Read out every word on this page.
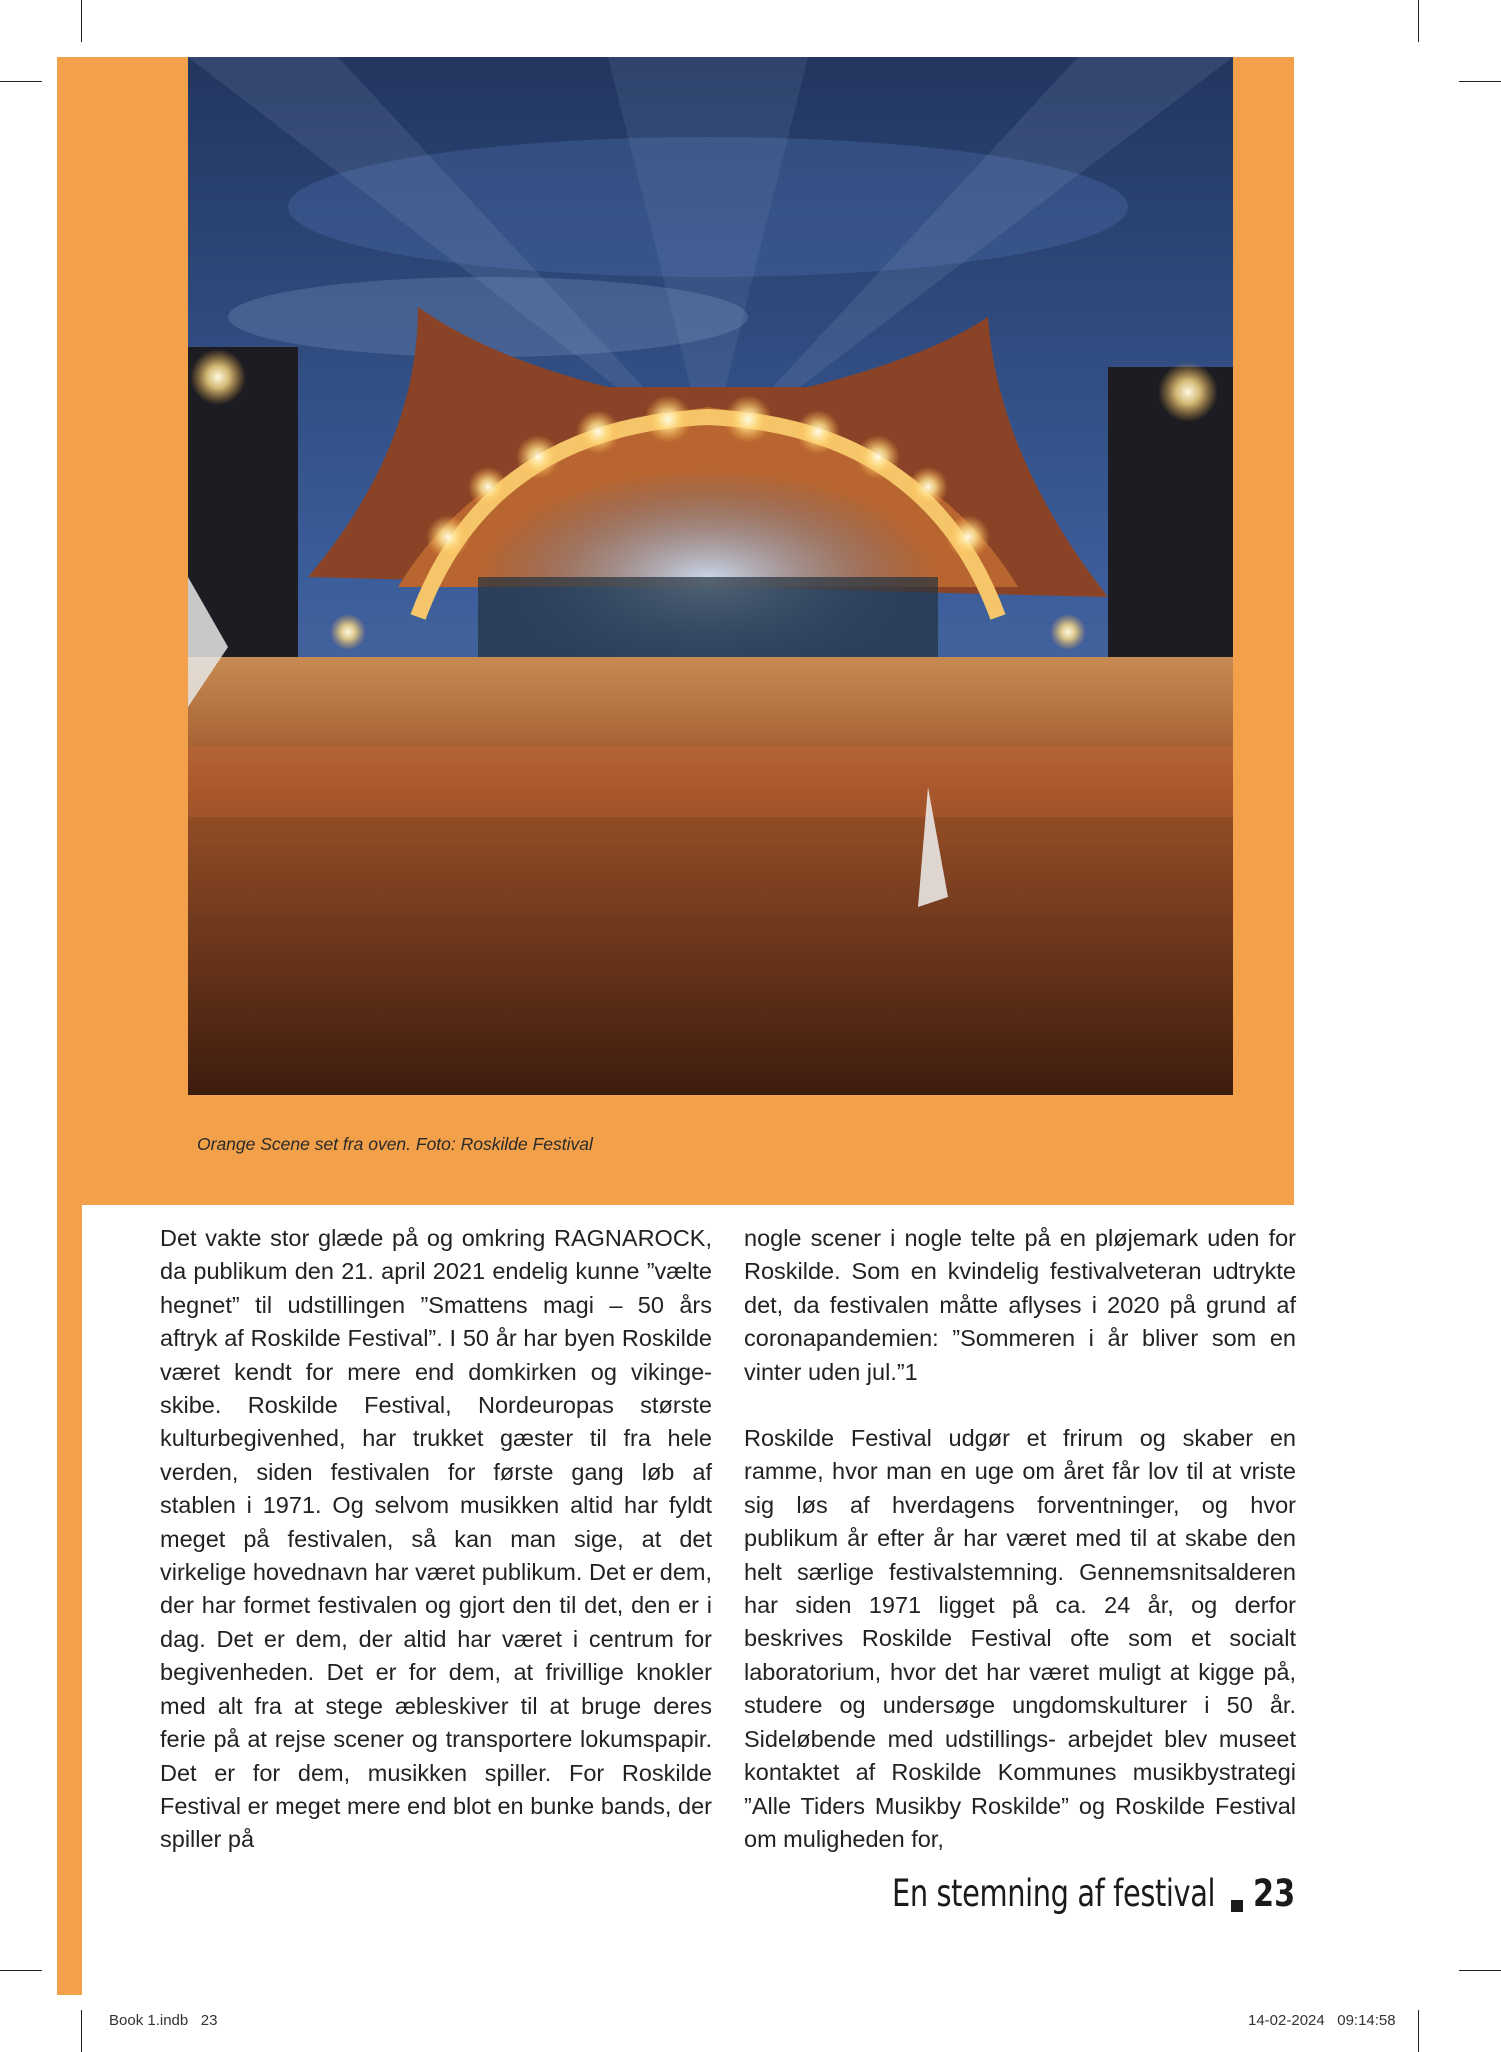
Orange Scene set fra oven. Foto: Roskilde Festival

Det vakte stor glæde på og omkring RAGNAROCK, da publikum den 21. april 2021 endelig kunne ”vælte hegnet” til udstillingen ”Smattens magi – 50 års aftryk af Roskilde Festival”. I 50 år har byen Roskilde været kendt for mere end domkirken og vikinge- skibe. Roskilde Festival, Nordeuropas største kulturbegivenhed, har trukket gæster til fra hele verden, siden festivalen for første gang løb af stablen i 1971. Og selvom musikken altid har fyldt meget på festivalen, så kan man sige, at det virkelige hovednavn har været publikum. Det er dem, der har formet festivalen og gjort den til det, den er i dag. Det er dem, der altid har været i centrum for begivenheden. Det er for dem, at frivillige knokler med alt fra at stege æbleskiver til at bruge deres ferie på at rejse scener og transportere lokumspapir. Det er for dem, musikken spiller. For Roskilde Festival er meget mere end blot en bunke bands, der spiller på

nogle scener i nogle telte på en pløjemark uden for Roskilde. Som en kvindelig festivalveteran udtrykte det, da festivalen måtte aflyses i 2020 på grund af coronapandemien: ”Sommeren i år bliver som en vinter uden jul.”1

Roskilde Festival udgør et frirum og skaber en ramme, hvor man en uge om året får lov til at vriste sig løs af hverdagens forventninger, og hvor publikum år efter år har været med til at skabe den helt særlige festivalstemning. Gennemsnitsalderen har siden 1971 ligget på ca. 24 år, og derfor beskrives Roskilde Festival ofte som et socialt laboratorium, hvor det har været muligt at kigge på, studere og undersøge ungdomskulturer i 50 år. Sideløbende med udstillings- arbejdet blev museet kontaktet af Roskilde Kommunes musikbystrategi ”Alle Tiders Musikby Roskilde” og Roskilde Festival om muligheden for,

En stemning af festival 23
Book 1.indb   23	14-02-2024   09:14:58
